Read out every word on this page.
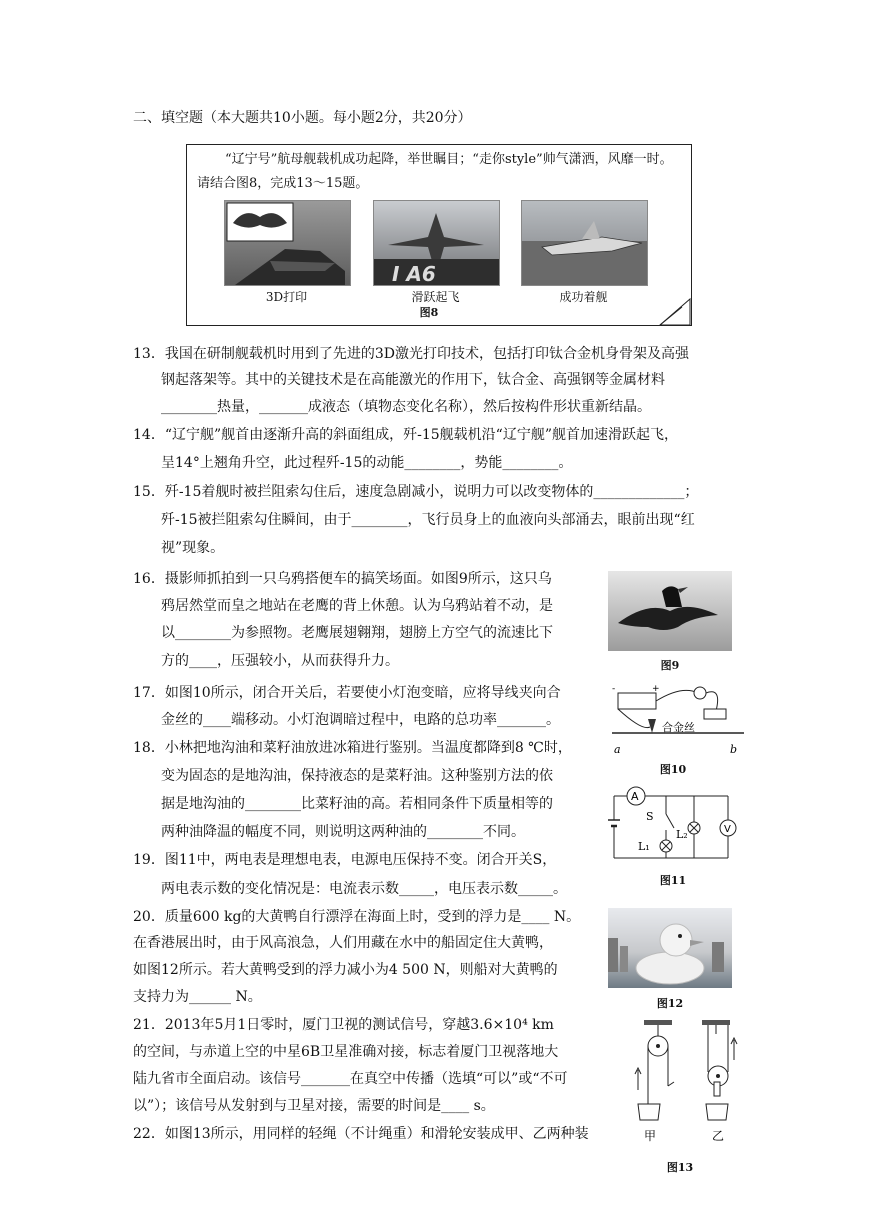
二、填空题（本大题共10小题。每小题2分，共20分）
“辽宁号”航母舰载机成功起降，举世瞩目；“走你style”帅气潇洒，风靡一时。
请结合图8，完成13～15题。
3D打印
I A6
滑跃起飞	成功着舰
图8
13．我国在研制舰载机时用到了先进的3D激光打印技术，包括打印钛合金机身骨架及高强
钢起落架等。其中的关键技术是在高能激光的作用下，钛合金、高强钢等金属材料
________热量，_______成液态（填物态变化名称），然后按构件形状重新结晶。
14．“辽宁舰”舰首由逐渐升高的斜面组成，歼-15舰载机沿“辽宁舰”舰首加速滑跃起飞，
呈14°上翘角升空，此过程歼-15的动能________，势能________。
15．歼-15着舰时被拦阻索勾住后，速度急剧减小，说明力可以改变物体的_____________；
歼-15被拦阻索勾住瞬间，由于________，飞行员身上的血液向头部涌去，眼前出现“红
视”现象。
16．摄影师抓拍到一只乌鸦搭便车的搞笑场面。如图9所示，这只乌
鸦居然堂而皇之地站在老鹰的背上休憩。认为乌鸦站着不动，是
以________为参照物。老鹰展翅翱翔，翅膀上方空气的流速比下
方的____，压强较小，从而获得升力。	图9
17．如图10所示，闭合开关后，若要使小灯泡变暗，应将导线夹向合
金丝的____端移动。小灯泡调暗过程中，电路的总功率_______。
-	+
a	b
合金丝
图10
18．小林把地沟油和菜籽油放进冰箱进行鉴别。当温度都降到8 ℃时，
变为固态的是地沟油，保持液态的是菜籽油。这种鉴别方法的依
据是地沟油的________比菜籽油的高。若相同条件下质量相等的
两种油降温的幅度不同，则说明这两种油的________不同。
A
S
L₁
L₂	V
图11
19．图11中，两电表是理想电表，电源电压保持不变。闭合开关S，
两电表示数的变化情况是：电流表示数_____，电压表示数_____。
20．质量600 kg的大黄鸭自行漂浮在海面上时，受到的浮力是____ N。
在香港展出时，由于风高浪急，人们用藏在水中的船固定住大黄鸭，
如图12所示。若大黄鸭受到的浮力减小为4 500 N，则船对大黄鸭的
支持力为______ N。	图12
21．2013年5月1日零时，厦门卫视的测试信号，穿越3.6×10⁴ km
的空间，与赤道上空的中星6B卫星准确对接，标志着厦门卫视落地大
陆九省市全面启动。该信号_______在真空中传播（选填“可以”或“不可
以”）；该信号从发射到与卫星对接，需要的时间是____ s。
22．如图13所示，用同样的轻绳（不计绳重）和滑轮安装成甲、乙两种装	甲	乙
图13
